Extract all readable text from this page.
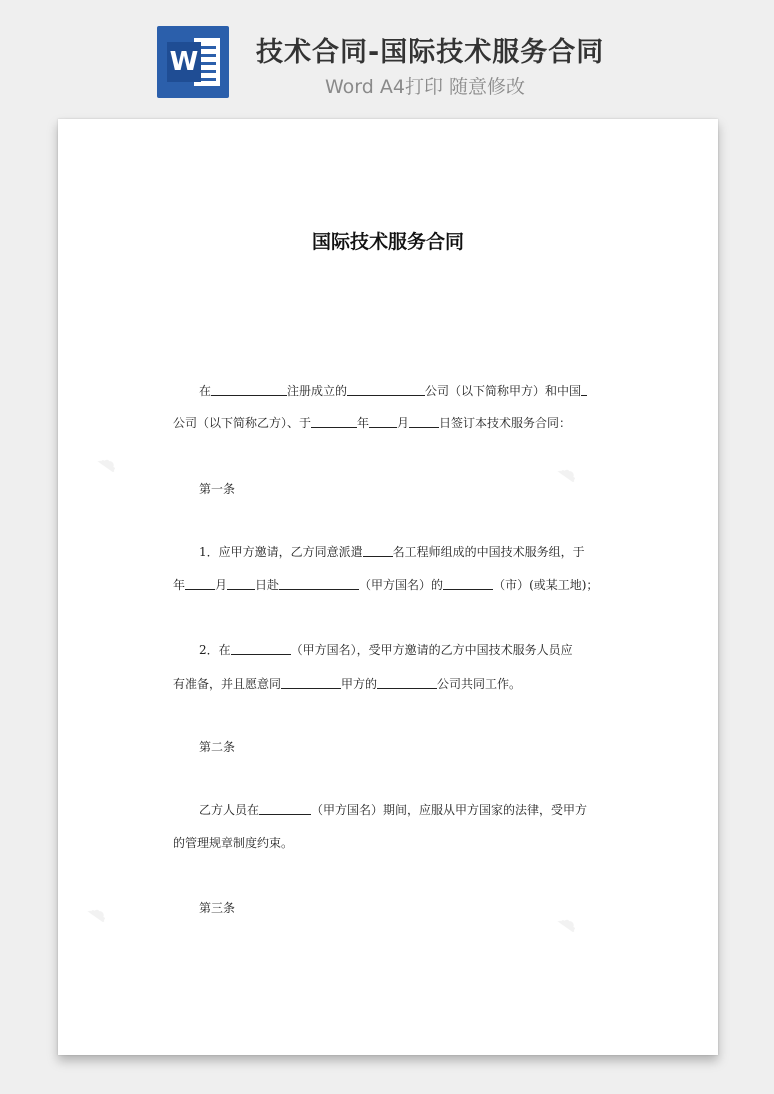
W 技术合同-国际技术服务合同
Word A4打印 随意修改
☁	☁
☁	☁
国际技术服务合同
在	注册成立的	公司（以下简称甲方）和中国
公司（以下简称乙方）、于	年 月	日签订本技术服务合同：
第一条
1．应甲方邀请，乙方同意派遣	名工程师组成的中国技术服务组，于
年	月 日赴	（甲方国名）的	（市）(或某工地)；
2．在	（甲方国名），受甲方邀请的乙方中国技术服务人员应
有准备，并且愿意同	甲方的	公司共同工作。
第二条
乙方人员在	（甲方国名）期间，应服从甲方国家的法律，受甲方
的管理规章制度约束。
第三条
